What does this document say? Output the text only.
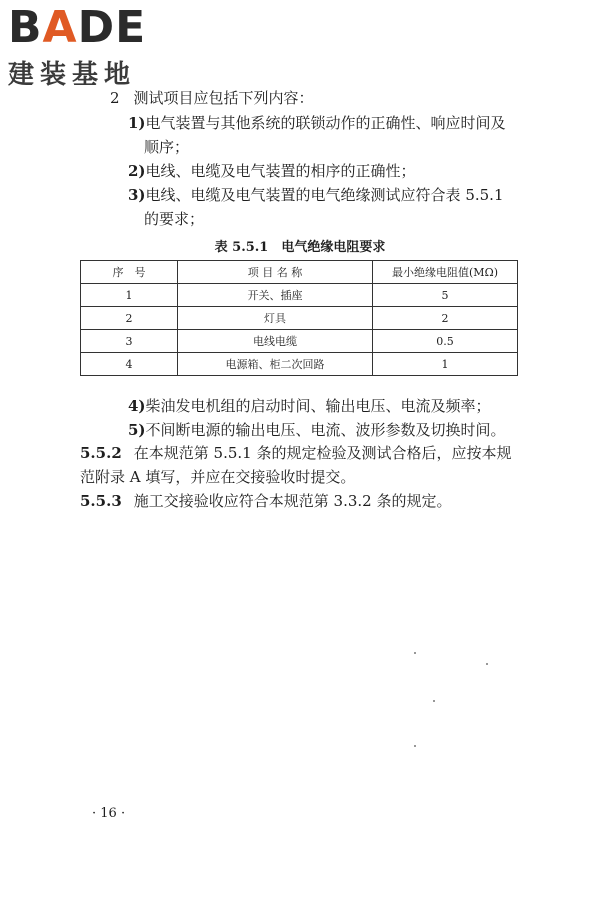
BADE
建装基地
2 测试项目应包括下列内容：
1)电气装置与其他系统的联锁动作的正确性、响应时间及
顺序；
2)电线、电缆及电气装置的相序的正确性；
3)电线、电缆及电气装置的电气绝缘测试应符合表 5.5.1
的要求；
表 5.5.1　电气绝缘电阻要求
序　号	项 目 名 称	最小绝缘电阻值(MΩ)
1	开关、插座	5
2	灯具	2
3	电线电缆	0.5
4	电源箱、柜二次回路	1
4)柴油发电机组的启动时间、输出电压、电流及频率；
5)不间断电源的输出电压、电流、波形参数及切换时间。
5.5.2 在本规范第 5.5.1 条的规定检验及测试合格后，应按本规
范附录 A 填写，并应在交接验收时提交。
5.5.3 施工交接验收应符合本规范第 3.3.2 条的规定。
· 16 ·
